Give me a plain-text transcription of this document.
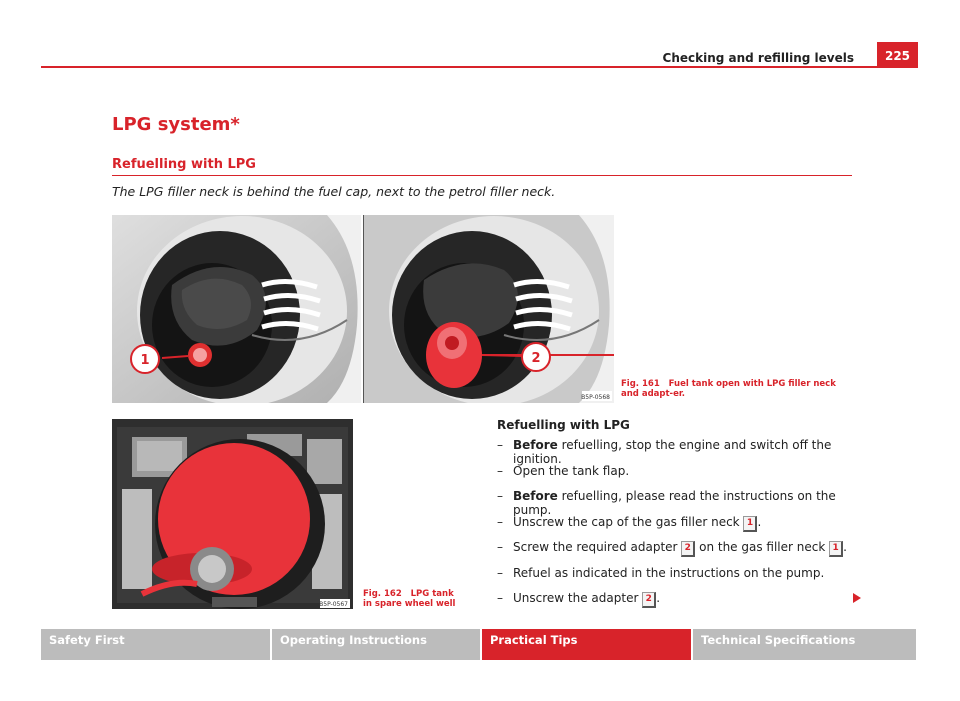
Checking and refilling levels	225
LPG system*
Refuelling with LPG
The LPG filler neck is behind the fuel cap, next to the petrol filler neck.
1	2
B5P-0568
Fig. 161 Fuel tank open with LPG filler neck and adapt-er.
B5P-0567
Fig. 162 LPG tank in spare wheel well
Refuelling with LPG
– Before refuelling, stop the engine and switch off the ignition.
– Open the tank flap.
– Before refuelling, please read the instructions on the pump.
– Unscrew the cap of the gas filler neck 1 .
– Screw the required adapter 2 on the gas filler neck 1 .
– Refuel as indicated in the instructions on the pump.
– Unscrew the adapter 2 .
Safety First	Operating Instructions	Practical Tips	Technical Specifications
